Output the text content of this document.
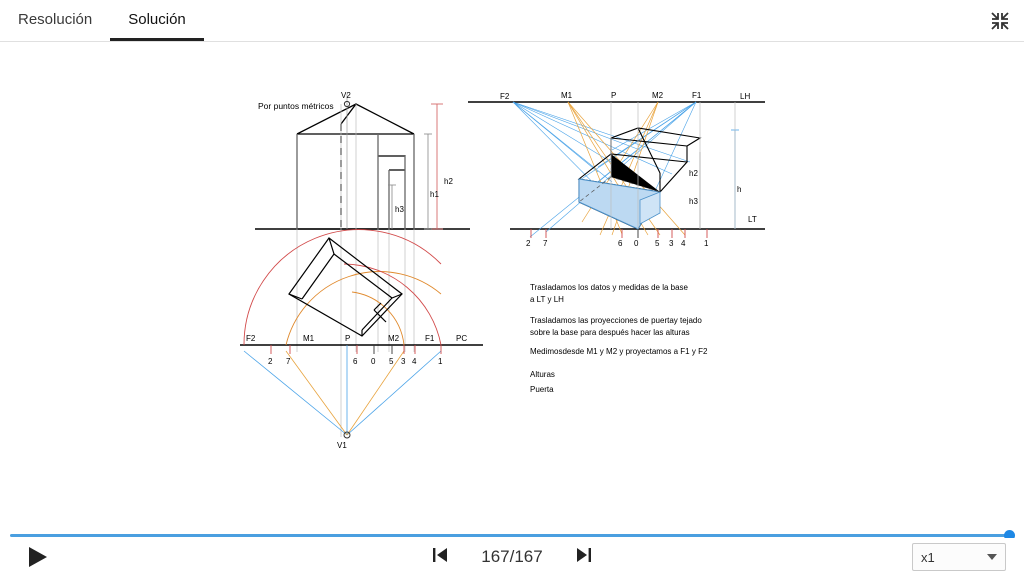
Resolución Solución
V2
h2
h1
h3
Por puntos métricos
V1
F2	M1	P	M2	F1	PC
2 7	6 0 5 3 4	1
LH
LT
h
h2
h3
F2	M1	P	M2	F1
2 7	6 0 5 3 4 1
Trasladamos los datos y medidas de la base
a LT y LH
Trasladamos las proyecciones de puertay tejado
sobre la base para después hacer las alturas
Medimosdesde M1 y M2 y proyectamos a F1 y F2
Alturas
Puerta
167/167	x1
